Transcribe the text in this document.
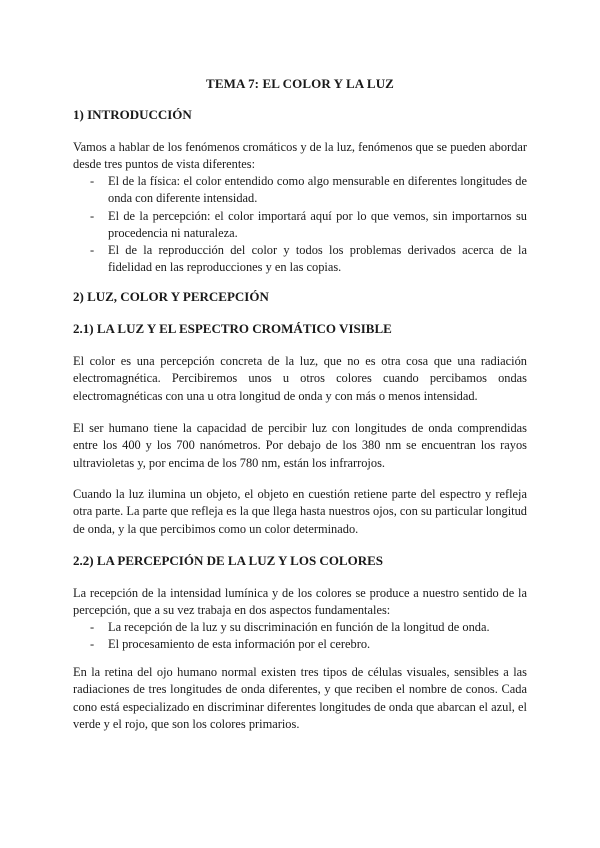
TEMA 7: EL COLOR Y LA LUZ
1) INTRODUCCIÓN

Vamos a hablar de los fenómenos cromáticos y de la luz, fenómenos que se pueden abordar desde tres puntos de vista diferentes:

- El de la física: el color entendido como algo mensurable en diferentes longitudes de onda con diferente intensidad.
- El de la percepción: el color importará aquí por lo que vemos, sin importarnos su procedencia ni naturaleza.
- El de la reproducción del color y todos los problemas derivados acerca de la fidelidad en las reproducciones y en las copias.
2) LUZ, COLOR Y PERCEPCIÓN
2.1) LA LUZ Y EL ESPECTRO CROMÁTICO VISIBLE

El color es una percepción concreta de la luz, que no es otra cosa que una radiación electromagnética. Percibiremos unos u otros colores cuando percibamos ondas electromagnéticas con una u otra longitud de onda y con más o menos intensidad.

El ser humano tiene la capacidad de percibir luz con longitudes de onda comprendidas entre los 400 y los 700 nanómetros. Por debajo de los 380 nm se encuentran los rayos ultravioletas y, por encima de los 780 nm, están los infrarrojos.

Cuando la luz ilumina un objeto, el objeto en cuestión retiene parte del espectro y refleja otra parte. La parte que refleja es la que llega hasta nuestros ojos, con su particular longitud de onda, y la que percibimos como un color determinado.

2.2) LA PERCEPCIÓN DE LA LUZ Y LOS COLORES

La recepción de la intensidad lumínica y de los colores se produce a nuestro sentido de la percepción, que a su vez trabaja en dos aspectos fundamentales:

- La recepción de la luz y su discriminación en función de la longitud de onda.
- El procesamiento de esta información por el cerebro.

En la retina del ojo humano normal existen tres tipos de células visuales, sensibles a las radiaciones de tres longitudes de onda diferentes, y que reciben el nombre de conos. Cada cono está especializado en discriminar diferentes longitudes de onda que abarcan el azul, el verde y el rojo, que son los colores primarios.
